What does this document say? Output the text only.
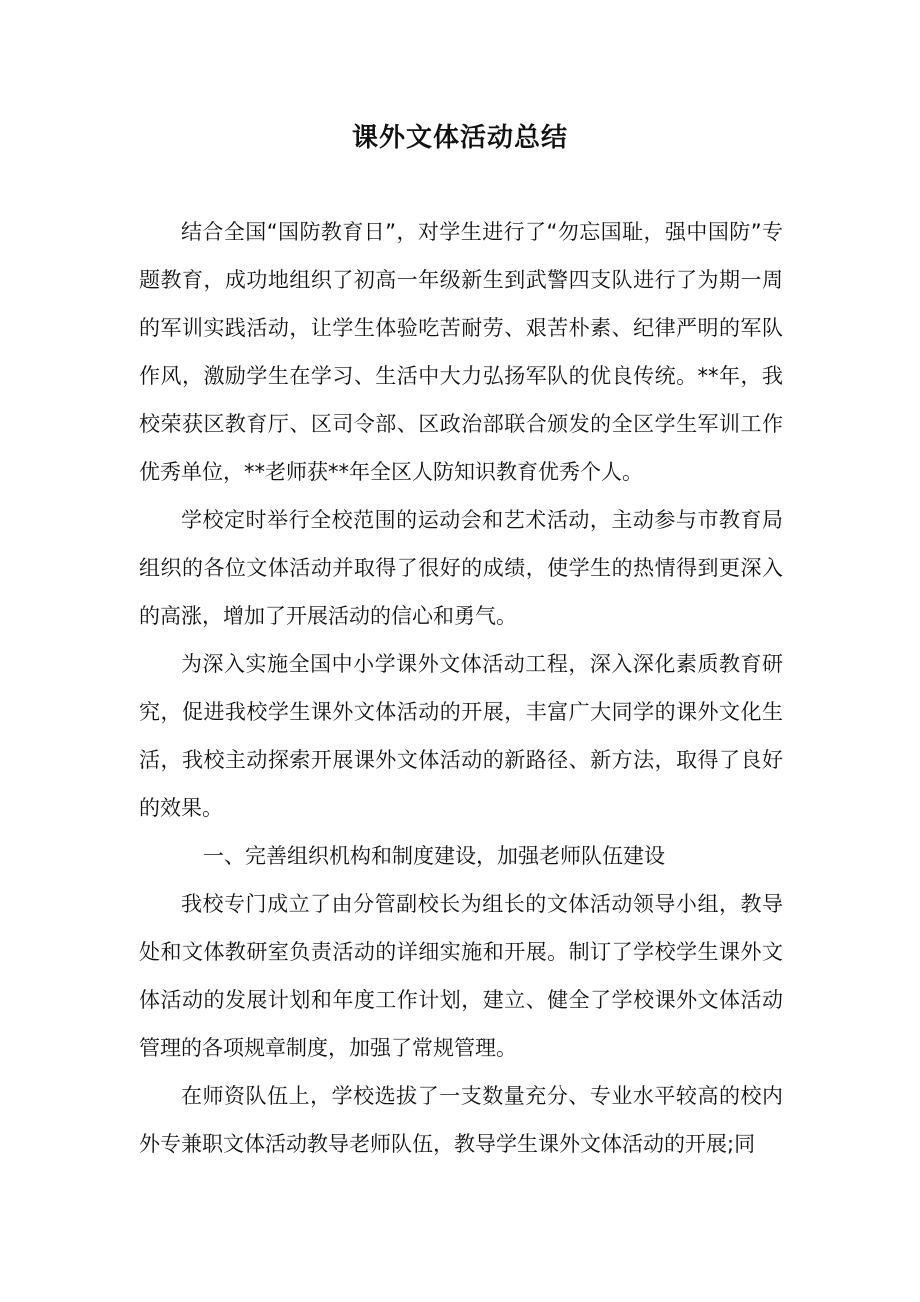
课外文体活动总结

结合全国“国防教育日”，对学生进行了“勿忘国耻，强中国防”专题教育，成功地组织了初高一年级新生到武警四支队进行了为期一周的军训实践活动，让学生体验吃苦耐劳、艰苦朴素、纪律严明的军队作风，激励学生在学习、生活中大力弘扬军队的优良传统。**年，我校荣获区教育厅、区司令部、区政治部联合颁发的全区学生军训工作优秀单位，**老师获**年全区人防知识教育优秀个人。

学校定时举行全校范围的运动会和艺术活动，主动参与市教育局组织的各位文体活动并取得了很好的成绩，使学生的热情得到更深入的高涨，增加了开展活动的信心和勇气。

为深入实施全国中小学课外文体活动工程，深入深化素质教育研究，促进我校学生课外文体活动的开展，丰富广大同学的课外文化生活，我校主动探索开展课外文体活动的新路径、新方法，取得了良好的效果。

一、完善组织机构和制度建设，加强老师队伍建设

我校专门成立了由分管副校长为组长的文体活动领导小组，教导处和文体教研室负责活动的详细实施和开展。制订了学校学生课外文体活动的发展计划和年度工作计划，建立、健全了学校课外文体活动管理的各项规章制度，加强了常规管理。

在师资队伍上，学校选拔了一支数量充分、专业水平较高的校内外专兼职文体活动教导老师队伍，教导学生课外文体活动的开展;同
